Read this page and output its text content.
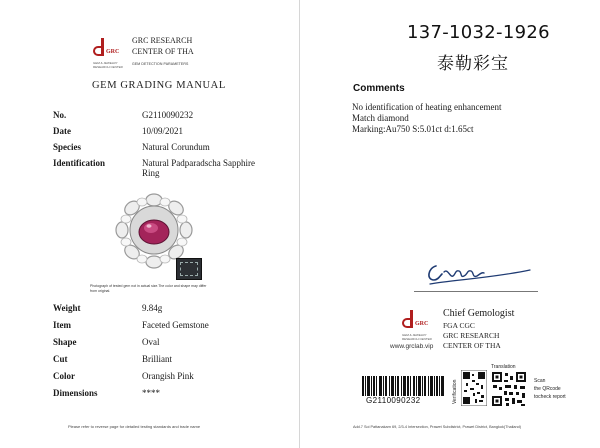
GRC
GEM & JEWELRY
RESEARCH CENTER
GRC RESEARCH
CENTER OF THA
GEM DETECTION PARAMETERS
GEM GRADING MANUAL
No.	G2110090232
Date	10/09/2021
Species	Natural Corundum
Identification	Natural Padparadscha Sapphire Ring
Photograph of tested gem not in actual size.The color and shape may differ from original.
Weight	9.84g
Item	Faceted Gemstone
Shape	Oval
Cut	Brilliant
Color	Orangish Pink
Dimensions	****
Please refer to reverse page for detailed testing standards and trade name
137-1032-1926
泰勒彩宝
Comments
No identification of heating enhancement
Match diamond
Marking:Au750 S:5.01ct d:1.65ct
GRC
GEM & JEWELRY
RESEARCH CENTER
www.grclab.vip
Chief Gemologist
FGA CGC
GRC RESEARCH
CENTER OF THA
G2110090232	Verification
Translation
Scan
the QRcode
tocheck report
Add.7 Soi Pattanakarn 69, 2/3-4 Intersection, Prawet Subdistrict, Prawet District, Bangkok(Thailand)
